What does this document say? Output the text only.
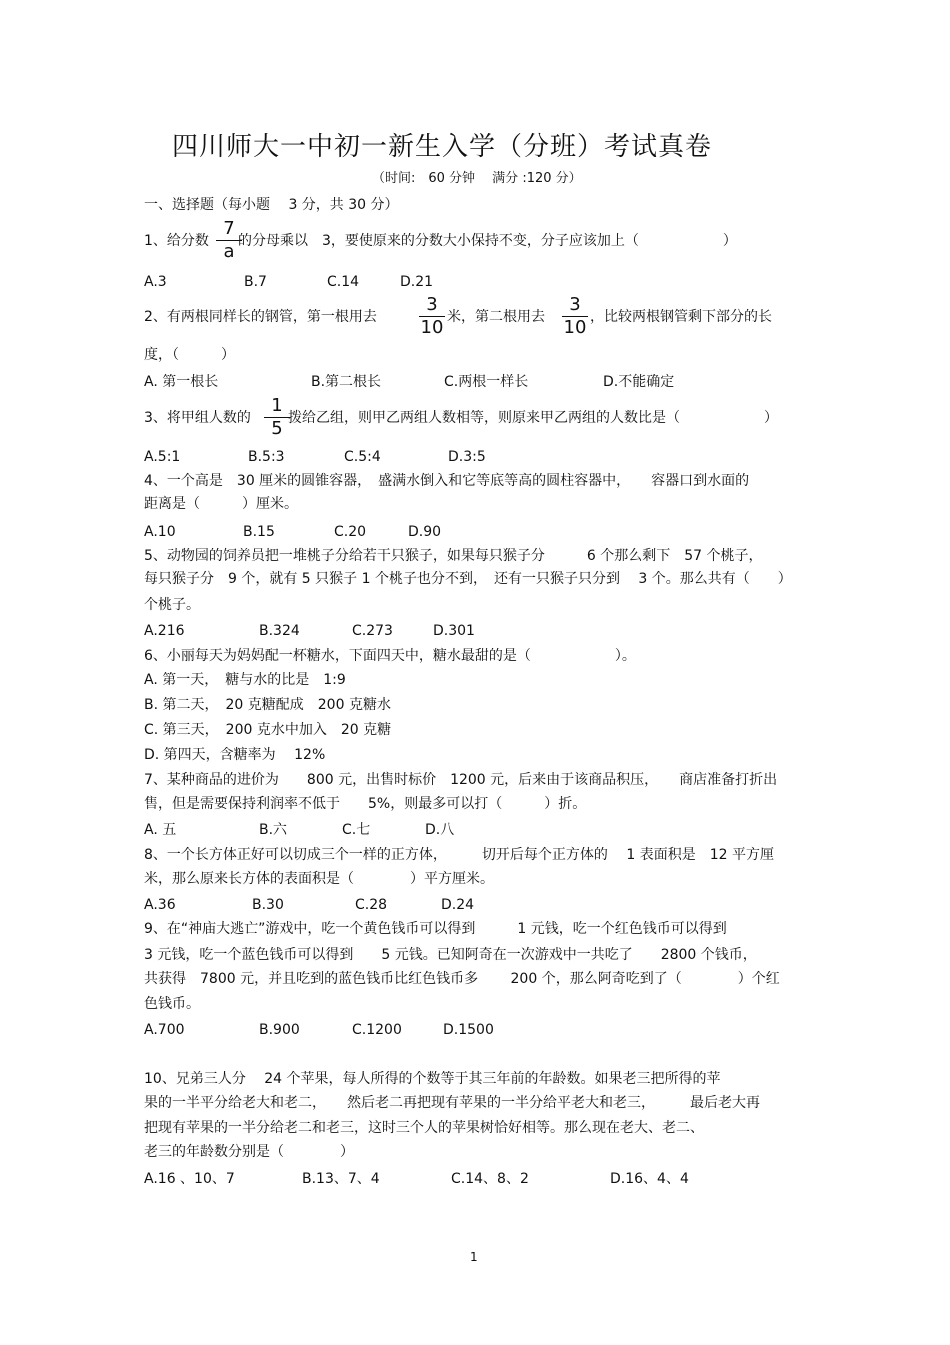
四川师大一中初一新生入学（分班）考试真卷
（时间:　60 分钟　 满分 :120 分）
一、选择题（每小题　 3 分，共 30 分）
1、给分数
7
a 的分母乘以　3，要使原来的分数大小保持不变，分子应该加上（　　　　　　）
A.3	B.7	C.14	D.21
2、有两根同样长的钢管，第一根用去
3
10 米，第二根用去
3
10 ，比较两根钢管剩下部分的长
度，（　　　）
A. 第一根长	B.第二根长	C.两根一样长	D.不能确定
3、将甲组人数的
1
5 拨给乙组，则甲乙两组人数相等，则原来甲乙两组的人数比是（　　　　　　）
A.5:1	B.5:3	C.5:4	D.3:5
4、一个高是　30 厘米的圆锥容器，　盛满水倒入和它等底等高的圆柱容器中，　　容器口到水面的
距离是（　　　）厘米。
A.10	B.15	C.20	D.90
5、动物园的饲养员把一堆桃子分给若干只猴子，如果每只猴子分　　　6 个那么剩下　57 个桃子，
每只猴子分　9 个，就有 5 只猴子 1 个桃子也分不到，　还有一只猴子只分到　 3 个。那么共有（　　）
个桃子。
A.216	B.324	C.273	D.301
6、小丽每天为妈妈配一杯糖水，下面四天中，糖水最甜的是（　　　　　　）。
A. 第一天，　糖与水的比是　1:9
B. 第二天，　20 克糖配成　200 克糖水
C. 第三天，　200 克水中加入　20 克糖
D. 第四天，含糖率为　 12%
7、某种商品的进价为　　800 元，出售时标价　1200 元，后来由于该商品积压，　　商店准备打折出
售，但是需要保持利润率不低于　　5%，则最多可以打（　　　）折。
A. 五	B.六	C.七	D.八
8、一个长方体正好可以切成三个一样的正方体，　　　切开后每个正方体的　 1 表面积是　12 平方厘
米，那么原来长方体的表面积是（　　　　）平方厘米。
A.36	B.30	C.28	D.24
9、在“神庙大逃亡”游戏中，吃一个黄色钱币可以得到　　　1 元钱，吃一个红色钱币可以得到
3 元钱，吃一个蓝色钱币可以得到　　5 元钱。已知阿奇在一次游戏中一共吃了　　2800 个钱币，
共获得　7800 元，并且吃到的蓝色钱币比红色钱币多　　 200 个，那么阿奇吃到了（　　　　）个红
色钱币。
A.700	B.900	C.1200	D.1500
10、兄弟三人分　 24 个苹果，每人所得的个数等于其三年前的年龄数。如果老三把所得的苹
果的一半平分给老大和老二，　　然后老二再把现有苹果的一半分给平老大和老三，　　　最后老大再
把现有苹果的一半分给老二和老三，这时三个人的苹果树恰好相等。那么现在老大、老二、
老三的年龄数分别是（　　　　）
A.16 、10、7	B.13、7、4	C.14、8、2	D.16、4、4
1
